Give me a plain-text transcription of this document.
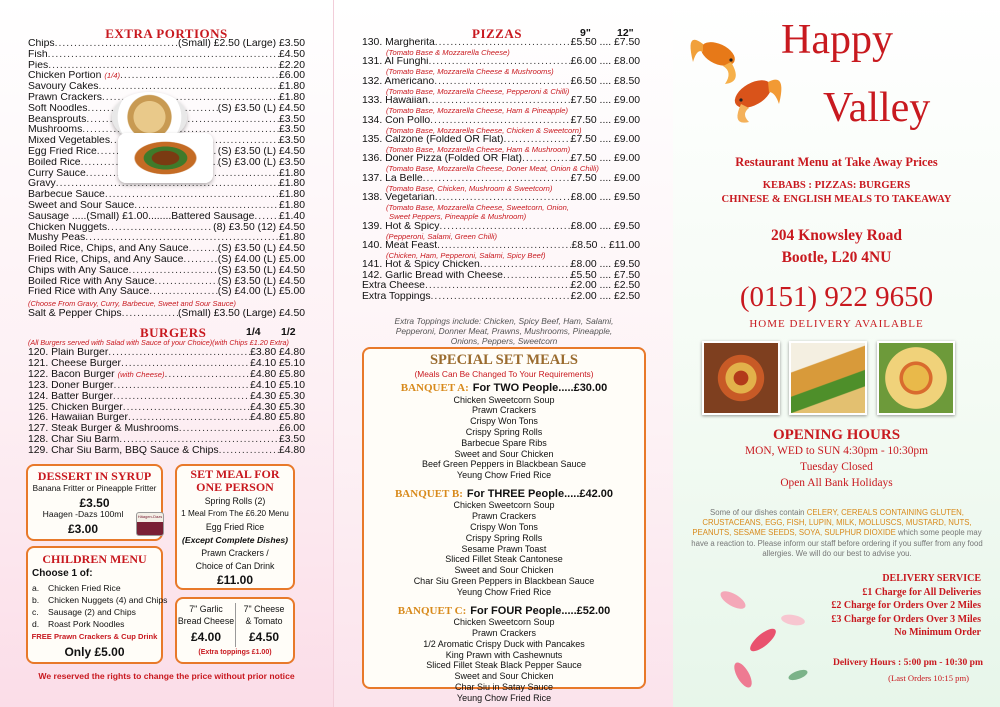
EXTRA PORTIONS
Chips .....	(Small) £2.50 (Large) £3.50
Fish .....	£4.50
Pies .....	£2.20
Chicken Portion (1/4) .....	£6.00
Savoury Cakes .....	£1.80
Prawn Crackers .....	£1.80
Soft Noodles .....	(S) £3.50 (L) £4.50
Beansprouts .....	£3.50
Mushrooms .....	£3.50
Mixed Vegetables .....	£3.50
Egg Fried Rice .....	(S) £3.50 (L) £4.50
Boiled Rice .....	(S) £3.00 (L) £3.50
Curry Sauce .....	£1.80
Gravy .....	£1.80
Barbecue Sauce .....	£1.80
Sweet and Sour Sauce .....	£1.80
Sausage .....(Small) £1.00........Battered Sausage ..... £1.40
Chicken Nuggets .....	(8) £3.50 (12) £4.50
Mushy Peas .....	£1.80
Boiled Rice, Chips, and Any Sauce .....	(S) £3.50 (L) £4.50
Fried Rice, Chips, and Any Sauce .....	(S) £4.00 (L) £5.00
Chips with Any Sauce .....	(S) £3.50 (L) £4.50
Boiled Rice with Any Sauce .....	(S) £3.50 (L) £4.50
Fried Rice with Any Sauce .....	(S) £4.00 (L) £5.00
(Choose From Gravy, Curry, Barbecue, Sweet and Sour Sauce)
Salt & Pepper Chips .....	(Small) £3.50 (Large) £4.50
BURGERS	1/4 1/2
(All Burgers served with Salad with Sauce of your Choice)(with Chips £1.20 Extra)
120. Plain Burger .....	£3.80 £4.80
121. Cheese Burger .....	£4.10 £5.10
122. Bacon Burger (with Cheese) .....	£4.80 £5.80
123. Doner Burger .....	£4.10 £5.10
124. Batter Burger .....	£4.30 £5.30
125. Chicken Burger .....	£4.30 £5.30
126. Hawaiian Burger .....	£4.80 £5.80
127. Steak Burger & Mushrooms .....	£6.00
128. Char Siu Barm .....	£3.50
129. Char Siu Barm, BBQ Sauce & Chips .....	£4.80
DESSERT IN SYRUP
Banana Fritter or Pineapple Fritter
£3.50
Haagen -Dazs 100ml
£3.00
Häagen-Dazs
SET MEAL FOR
ONE PERSON
Spring Rolls (2)
1 Meal From The £6.20 Menu
Egg Fried Rice
(Except Complete Dishes)
Prawn Crackers /
Choice of Can Drink
£11.00
CHILDREN MENU
Choose 1 of:
a. Chicken Fried Rice
b. Chicken Nuggets (4) and Chips
c. Sausage (2) and Chips
d. Roast Pork Noodles
FREE Prawn Crackers & Cup Drink
Only £5.00
7" Garlic
Bread Cheese
£4.00
7" Cheese
& Tomato
£4.50
(Extra toppings £1.00)
We reserved the rights to change the price without prior notice
PIZZAS	9" 12"
130. Margherita .....	£5.50 .... £7.50
(Tomato Base & Mozzarella Cheese)
131. Al Funghi .....	£6.00 .... £8.00
(Tomato Base, Mozzarella Cheese & Mushrooms)
132. Americano .....	£6.50 .... £8.50
(Tomato Base, Mozzarella Cheese, Pepperoni & Chilli)
133. Hawaiian .....	£7.50 .... £9.00
(Tomato Base, Mozzarella Cheese, Ham & Pineapple)
134. Con Pollo .....	£7.50 .... £9.00
(Tomato Base, Mozzarella Cheese, Chicken & Sweetcorn)
135. Calzone (Folded OR Flat) .....	£7.50 .... £9.00
(Tomato Base, Mozzarella Cheese, Ham & Mushroom)
136. Doner Pizza (Folded OR Flat) .....	£7.50 .... £9.00
(Tomato Base, Mozzarella Cheese, Doner Meat, Onion & Chilli)
137. La Belle .....	£7.50 .... £9.00
(Tomato Base, Chicken, Mushroom & Sweetcorn)
138. Vegetarian .....	£8.00 .... £9.50
(Tomato Base, Mozzarella Cheese, Sweetcorn, Onion,
Sweet Peppers, Pineapple & Mushroom)
139. Hot & Spicy .....	£8.00 .... £9.50
(Pepperoni, Salami, Green Chilli)
140. Meat Feast .....	£8.50 .. £11.00
(Chicken, Ham, Pepperoni, Salami, Spicy Beef)
141. Hot & Spicy Chicken .....	£8.00 .... £9.50
142. Garlic Bread with Cheese .....	£5.50 .... £7.50
Extra Cheese .....	£2.00 .... £2.50
Extra Toppings .....	£2.00 .... £2.50
Extra Toppings include: Chicken, Spicy Beef, Ham, Salami,
Pepperoni, Donner Meat, Prawns, Mushrooms, Pineapple,
Onions, Peppers, Sweetcorn
SPECIAL SET MEALS
(Meals Can Be Changed To Your Requirements)
BANQUET A: For TWO People.....£30.00
Chicken Sweetcorn Soup
Prawn Crackers
Crispy Won Tons
Crispy Spring Rolls
Barbecue Spare Ribs
Sweet and Sour Chicken
Beef Green Peppers in Blackbean Sauce
Yeung Chow Fried Rice
BANQUET B: For THREE People.....£42.00
Chicken Sweetcorn Soup
Prawn Crackers
Crispy Won Tons
Crispy Spring Rolls
Sesame Prawn Toast
Sliced Fillet Steak Cantonese
Sweet and Sour Chicken
Char Siu Green Peppers in Blackbean Sauce
Yeung Chow Fried Rice
BANQUET C: For FOUR People.....£52.00
Chicken Sweetcorn Soup
Prawn Crackers
1/2 Aromatic Crispy Duck with Pancakes
King Prawn with Cashewnuts
Sliced Fillet Steak Black Pepper Sauce
Sweet and Sour Chicken
Char Siu in Satay Sauce
Yeung Chow Fried Rice
Happy
Valley
Restaurant Menu at Take Away Prices
KEBABS : PIZZAS: BURGERS
CHINESE & ENGLISH MEALS TO TAKEAWAY
204 Knowsley Road
Bootle, L20 4NU
(0151) 922 9650
HOME DELIVERY AVAILABLE
OPENING HOURS
MON, WED to SUN 4:30pm - 10:30pm
Tuesday Closed
Open All Bank Holidays
Some of our dishes contain CELERY, CEREALS CONTAINING GLUTEN, CRUSTACEANS, EGG, FISH, LUPIN, MILK, MOLLUSCS, MUSTARD, NUTS, PEANUTS, SESAME SEEDS, SOYA, SULPHUR DIOXIDE which some people may have a reaction to. Please inform our staff before ordering if you suffer from any food allergies. We will do our best to advise you.
DELIVERY SERVICE
£1 Charge for All Deliveries
£2 Charge for Orders Over 2 Miles
£3 Charge for Orders Over 3 Miles
No Minimum Order
Delivery Hours : 5:00 pm - 10:30 pm
(Last Orders 10:15 pm)
